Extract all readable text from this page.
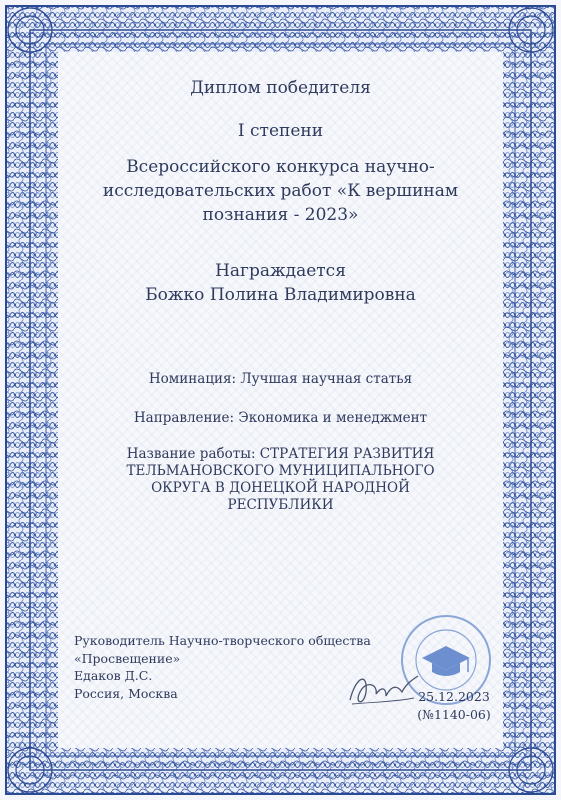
Диплом победителя
I степени
Всероссийского конкурса научно-исследовательских работ «К вершинам познания - 2023»
Награждается
Божко Полина Владимировна
Номинация: Лучшая научная статья
Направление: Экономика и менеджмент
Название работы: СТРАТЕГИЯ РАЗВИТИЯ ТЕЛЬМАНОВСКОГО МУНИЦИПАЛЬНОГО ОКРУГА В ДОНЕЦКОЙ НАРОДНОЙ РЕСПУБЛИКИ
Руководитель Научно-творческого общества
«Просвещение»
Едаков Д.С.
Россия, Москва	25.12.2023
(№1140-06)
